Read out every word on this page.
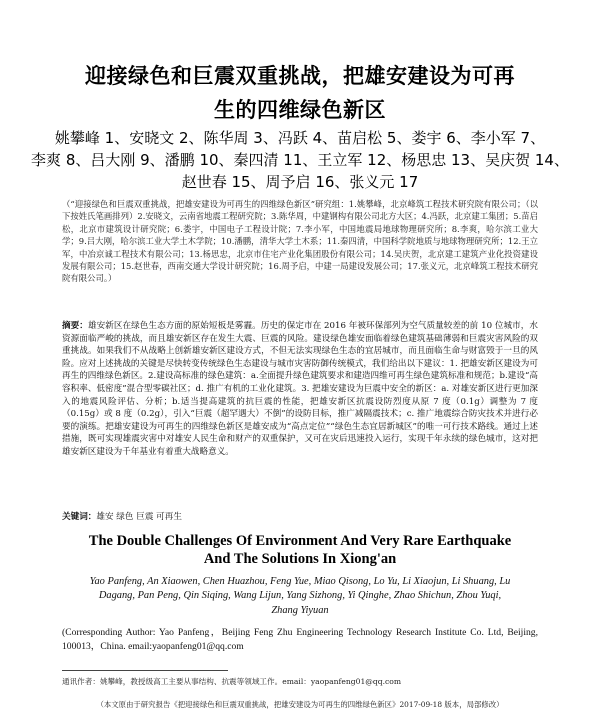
迎接绿色和巨震双重挑战，把雄安建设为可再
生的四维绿色新区
姚攀峰 1、安晓文 2、陈华周 3、冯跃 4、苗启松 5、娄宇 6、李小军 7、
李爽 8、吕大刚 9、潘鹏 10、秦四清 11、王立军 12、杨思忠 13、吴庆贺 14、
赵世春 15、周予启 16、张义元 17
（“迎接绿色和巨震双重挑战，把雄安建设为可再生的四维绿色新区”研究组：1.姚攀峰，北京峰筑工程技术研究院有限公司；（以下按姓氏笔画排列）2.安晓文，云南省地震工程研究院；3.陈华周，中建钢构有限公司北方大区；4.冯跃，北京建工集团；5.苗启松，北京市建筑设计研究院；6.娄宇，中国电子工程设计院；7.李小军，中国地震局地球物理研究所；8.李爽，哈尔滨工业大学；9.吕大刚，哈尔滨工业大学土木学院；10.潘鹏，清华大学土木系；11.秦四清，中国科学院地质与地球物理研究所；12.王立军，中冶京诚工程技术有限公司；13.杨思忠，北京市住宅产业化集团股份有限公司；14.吴庆贺，北京建工建筑产业化投资建设发展有限公司；15.赵世春，西南交通大学设计研究院；16.周予启，中建一局建设发展公司；17.张义元，北京峰筑工程技术研究院有限公司。）
摘要：雄安新区在绿色生态方面的原始短板是雾霾。历史的保定市在 2016 年被环保部列为空气质量较差的前 10 位城市，水资源面临严峻的挑战，而且雄安新区存在发生大震、巨震的风险。建设绿色雄安面临着绿色建筑基础薄弱和巨震灾害风险的双重挑战。如果我们不从战略上创新雄安新区建设方式，不但无法实现绿色生态的宜居城市，而且面临生命与财富毁于一旦的风险。应对上述挑战的关键是尽快转变传统绿色生态建设与城市灾害防御传统模式，我们给出以下建议：1. 把雄安新区建设为可再生的四维绿色新区。2.建设高标准的绿色建筑：a.全面提升绿色建筑要求和建造四维可再生绿色建筑标准和规范；b.建设“高容积率、低密度”混合型零碳社区；d. 推广有机的工业化建筑。3. 把雄安建设为巨震中安全的新区：a. 对雄安新区进行更加深入的地震风险评估、分析；b.适当提高建筑的抗巨震的性能，把雄安新区抗震设防烈度从原 7 度（0.1g）调整为 7 度（0.15g）或 8 度（0.2g），引入“巨震（超罕遇大）不倒”的设防目标，推广减隔震技术；c. 推广地震综合防灾技术并进行必要的演练。把雄安建设为可再生的四维绿色新区是雄安成为“高点定位”“绿色生态宜居新城区”的唯一可行技术路线。通过上述措施，既可实现雄震灾害中对雄安人民生命和财产的双重保护，又可在灾后迅速投入运行，实现千年永续的绿色城市，这对把雄安新区建设为千年基业有着重大战略意义。
关键词：雄安 绿色 巨震 可再生
The Double Challenges Of Environment And Very Rare Earthquake
And The Solutions In Xiong'an
Yao Panfeng, An Xiaowen, Chen Huazhou, Feng Yue, Miao Qisong, Lo Yu, Li Xiaojun, Li Shuang, Lu
Dagang, Pan Peng, Qin Siqing, Wang Lijun, Yang Sizhong, Yi Qinghe, Zhao Shichun, Zhou Yuqi,
Zhang Yiyuan
(Corresponding Author: Yao Panfeng，Beijing Feng Zhu Engineering Technology Research Institute Co. Ltd, Beijing, 100013，China. email:yaopanfeng01@qq.com
通讯作者：姚攀峰，教授级高工主要从事结构、抗震等领域工作。email：yaopanfeng01@qq.com
（本文原由于研究报告《把迎接绿色和巨震双重挑战，把雄安建设为可再生的四维绿色新区》2017-09-18 版本，局部修改）
